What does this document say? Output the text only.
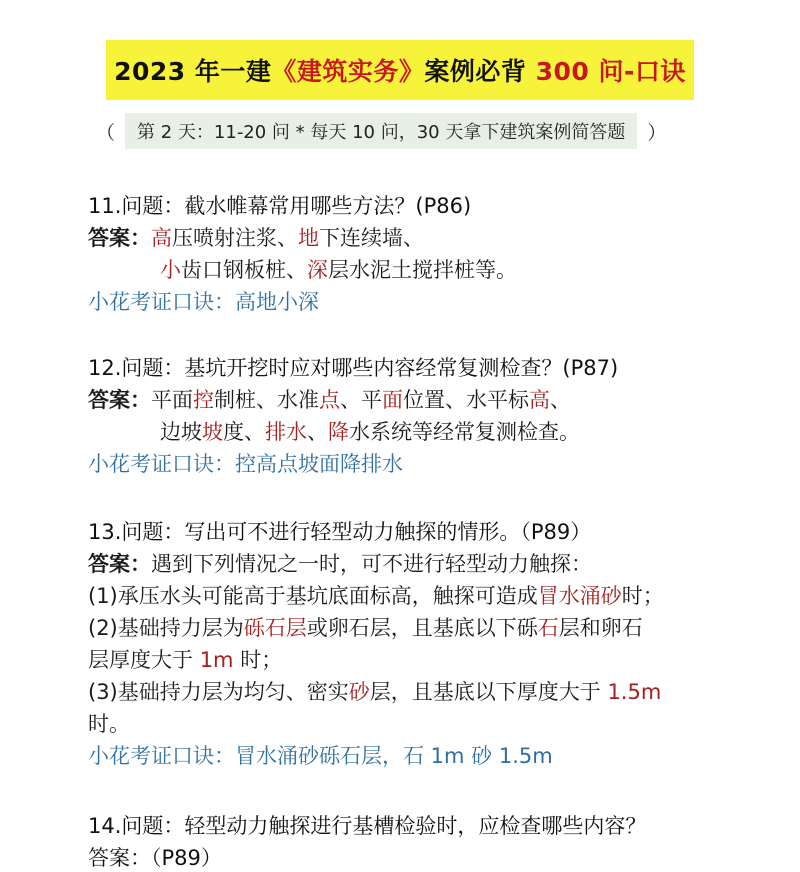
2023 年一建《建筑实务》案例必背 300 问-口诀
（ 第 2 天：11-20 问 * 每天 10 问，30 天拿下建筑案例简答题 ）
11.问题：截水帷幕常用哪些方法？(P86)
答案：高压喷射注浆、地下连续墙、
小齿口钢板桩、深层水泥土搅拌桩等。
小花考证口诀：高地小深
12.问题：基坑开挖时应对哪些内容经常复测检查？(P87)
答案：平面控制桩、水准点、平面位置、水平标高、
边坡坡度、排水、降水系统等经常复测检查。
小花考证口诀：控高点坡面降排水
13.问题：写出可不进行轻型动力触探的情形。（P89）
答案：遇到下列情况之一时，可不进行轻型动力触探：
(1)承压水头可能高于基坑底面标高，触探可造成冒水涌砂时；
(2)基础持力层为砾石层或卵石层，且基底以下砾石层和卵石
层厚度大于 1m 时；
(3)基础持力层为均匀、密实砂层，且基底以下厚度大于 1.5m
时。
小花考证口诀：冒水涌砂砾石层，石 1m 砂 1.5m
14.问题：轻型动力触探进行基槽检验时，应检查哪些内容？
答案：（P89）
